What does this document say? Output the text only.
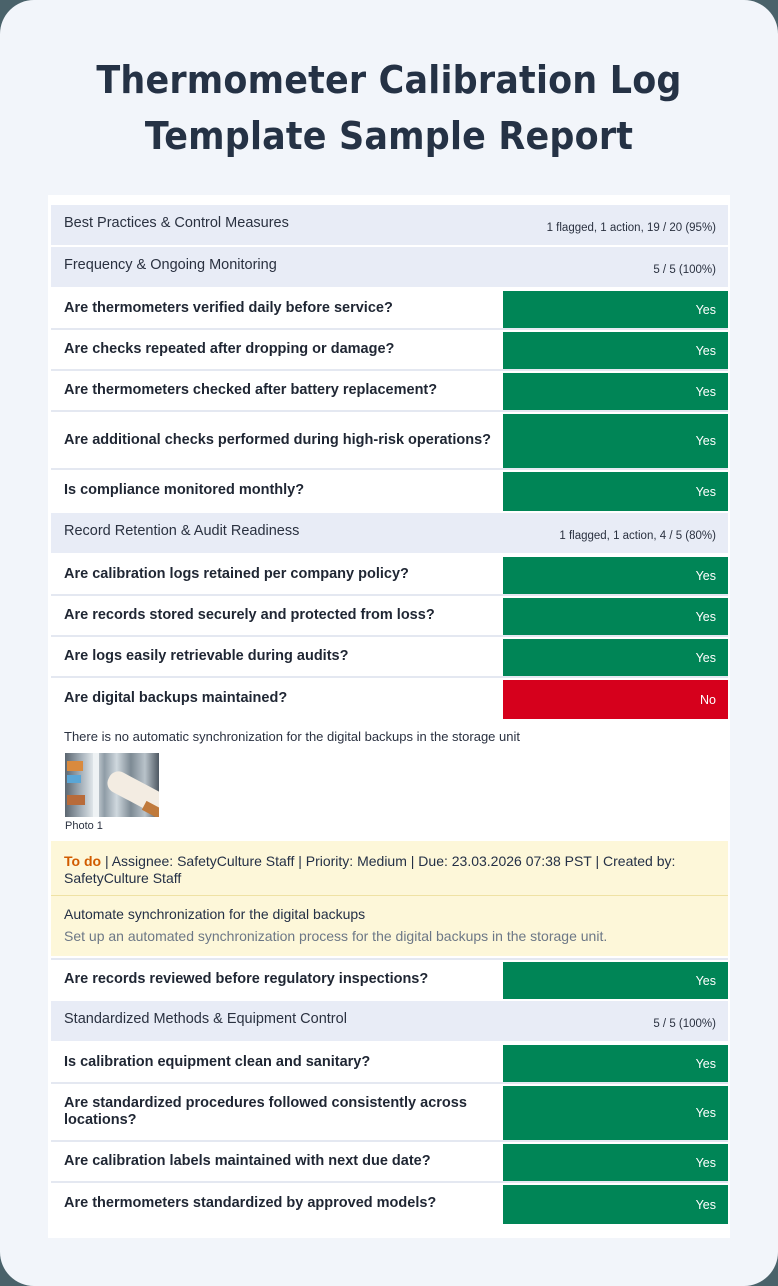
Thermometer Calibration Log
Template Sample Report
Best Practices & Control Measures	1 flagged, 1 action, 19 / 20 (95%)
Frequency & Ongoing Monitoring	5 / 5 (100%)
Are thermometers verified daily before service?	Yes
Are checks repeated after dropping or damage?	Yes
Are thermometers checked after battery replacement?	Yes
Are additional checks performed during high-risk operations?	Yes
Is compliance monitored monthly?	Yes
Record Retention & Audit Readiness	1 flagged, 1 action, 4 / 5 (80%)
Are calibration logs retained per company policy?	Yes
Are records stored securely and protected from loss?	Yes
Are logs easily retrievable during audits?	Yes
Are digital backups maintained?	No
There is no automatic synchronization for the digital backups in the storage unit
Photo 1
To do | Assignee: SafetyCulture Staff | Priority: Medium | Due: 23.03.2026 07:38 PST | Created by: SafetyCulture Staff
Automate synchronization for the digital backups
Set up an automated synchronization process for the digital backups in the storage unit.
Are records reviewed before regulatory inspections?	Yes
Standardized Methods & Equipment Control	5 / 5 (100%)
Is calibration equipment clean and sanitary?	Yes
Are standardized procedures followed consistently across locations?	Yes
Are calibration labels maintained with next due date?	Yes
Are thermometers standardized by approved models?	Yes
